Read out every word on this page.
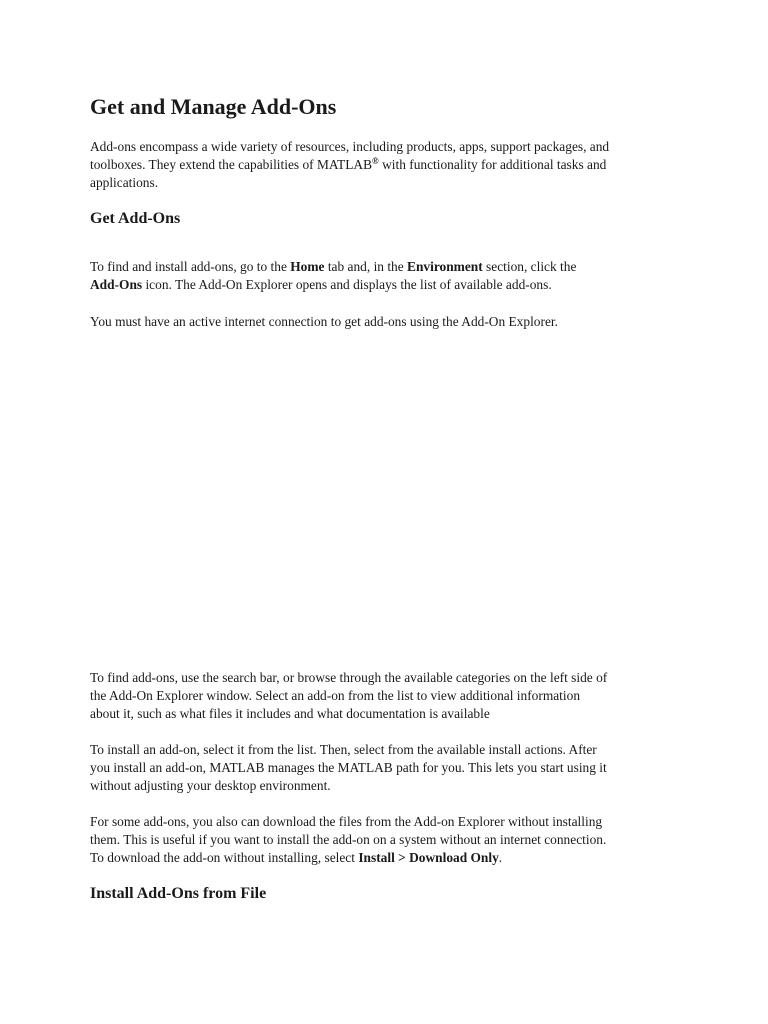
Get and Manage Add-Ons

Add-ons encompass a wide variety of resources, including products, apps, support packages, and
toolboxes. They extend the capabilities of MATLAB® with functionality for additional tasks and
applications.

Get Add-Ons

To find and install add-ons, go to the Home tab and, in the Environment section, click the
Add-Ons icon. The Add-On Explorer opens and displays the list of available add-ons.

You must have an active internet connection to get add-ons using the Add-On Explorer.

To find add-ons, use the search bar, or browse through the available categories on the left side of
the Add-On Explorer window. Select an add-on from the list to view additional information
about it, such as what files it includes and what documentation is available

To install an add-on, select it from the list. Then, select from the available install actions. After
you install an add-on, MATLAB manages the MATLAB path for you. This lets you start using it
without adjusting your desktop environment.

For some add-ons, you also can download the files from the Add-on Explorer without installing
them. This is useful if you want to install the add-on on a system without an internet connection.
To download the add-on without installing, select Install > Download Only.

Install Add-Ons from File
